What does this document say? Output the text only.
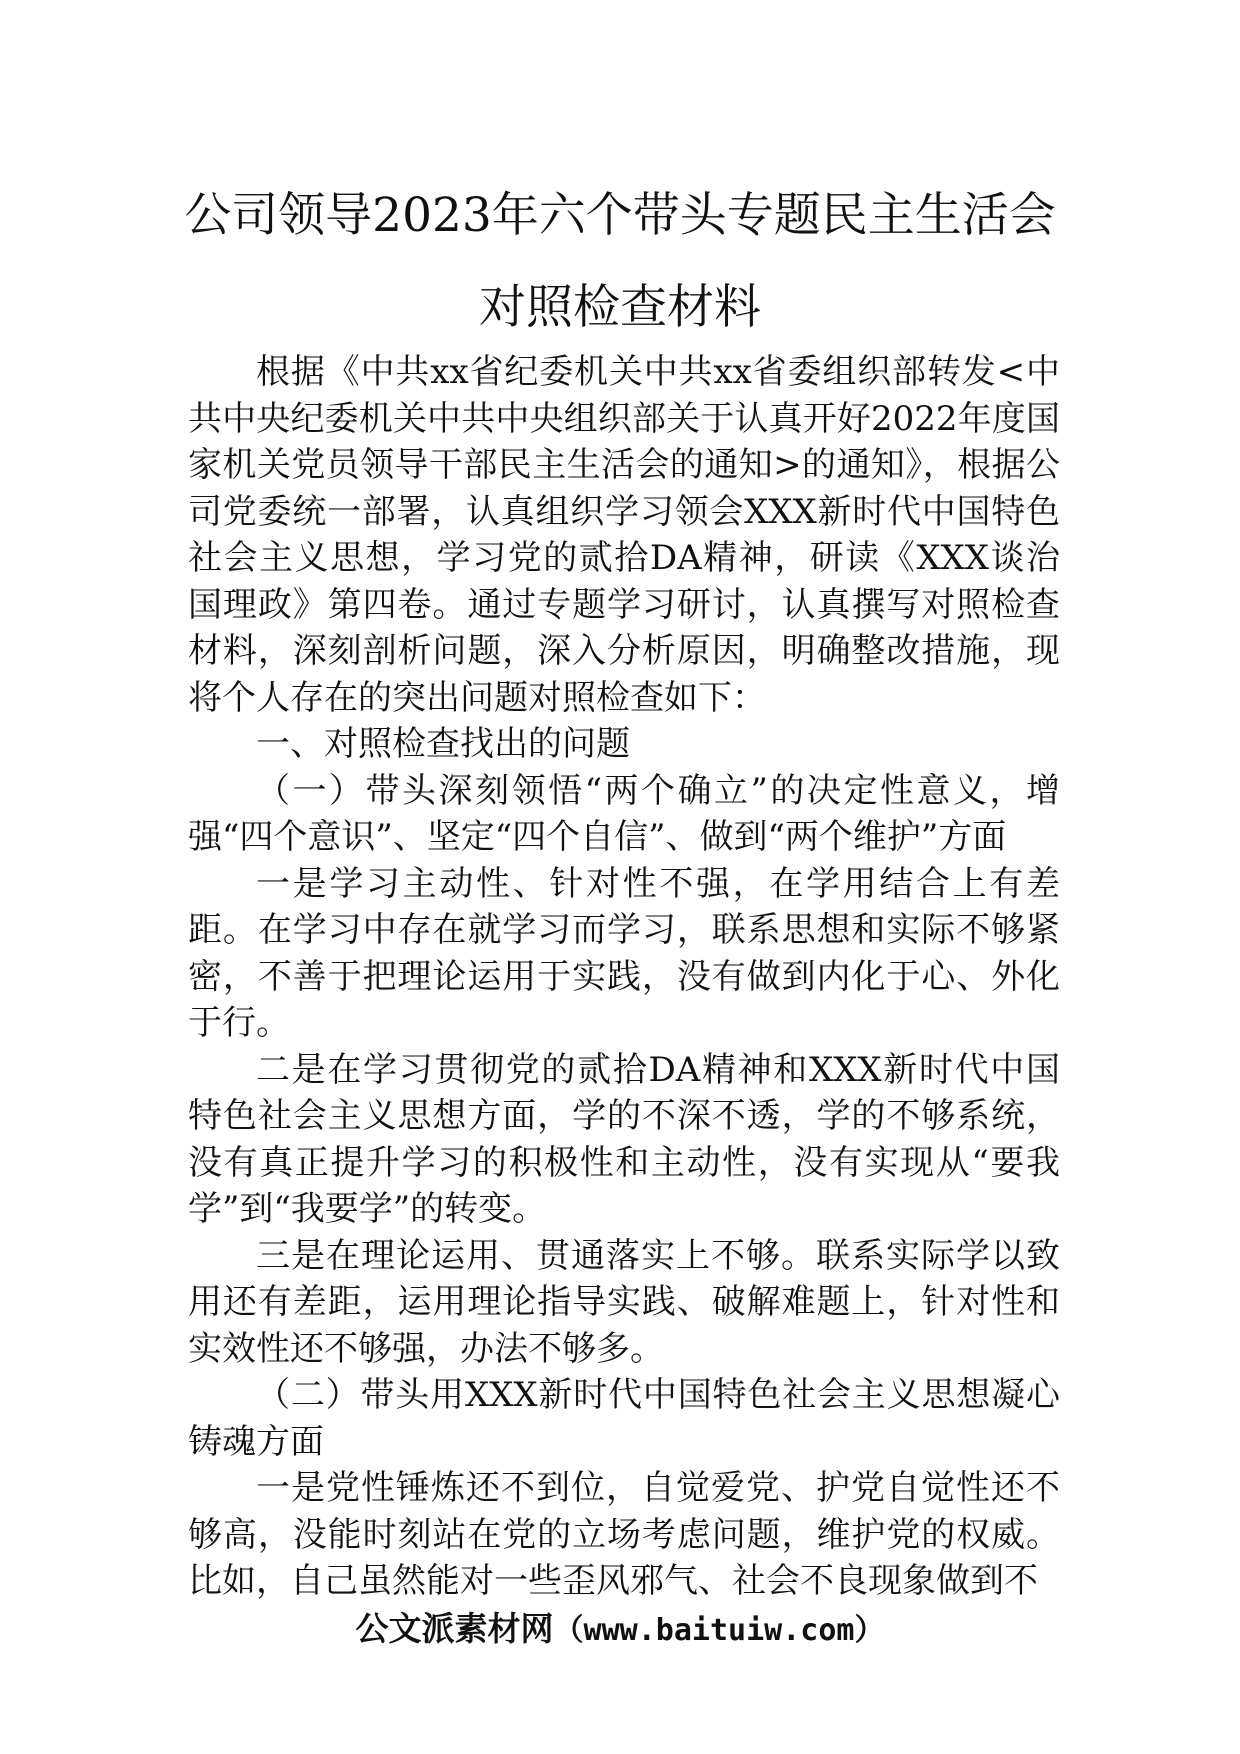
公司领导2023年六个带头专题民主生活会
对照检查材料

根据《中共xx省纪委机关中共xx省委组织部转发<中共中央纪委机关中共中央组织部关于认真开好2022年度国家机关党员领导干部民主生活会的通知>的通知》，根据公司党委统一部署，认真组织学习领会XXX新时代中国特色社会主义思想，学习党的贰拾DA精神，研读《XXX谈治国理政》第四卷。通过专题学习研讨，认真撰写对照检查材料，深刻剖析问题，深入分析原因，明确整改措施，现将个人存在的突出问题对照检查如下：

一、对照检查找出的问题

（一）带头深刻领悟“两个确立”的决定性意义，增强“四个意识”、坚定“四个自信”、做到“两个维护”方面

一是学习主动性、针对性不强，在学用结合上有差距。在学习中存在就学习而学习，联系思想和实际不够紧密，不善于把理论运用于实践，没有做到内化于心、外化于行。

二是在学习贯彻党的贰拾DA精神和XXX新时代中国特色社会主义思想方面，学的不深不透，学的不够系统，没有真正提升学习的积极性和主动性，没有实现从“要我学”到“我要学”的转变。

三是在理论运用、贯通落实上不够。联系实际学以致用还有差距，运用理论指导实践、破解难题上，针对性和实效性还不够强，办法不够多。

（二）带头用XXX新时代中国特色社会主义思想凝心铸魂方面

一是党性锤炼还不到位，自觉爱党、护党自觉性还不够高，没能时刻站在党的立场考虑问题，维护党的权威。比如，自己虽然能对一些歪风邪气、社会不良现象做到不

公文派素材网（www.baituiw.com）
